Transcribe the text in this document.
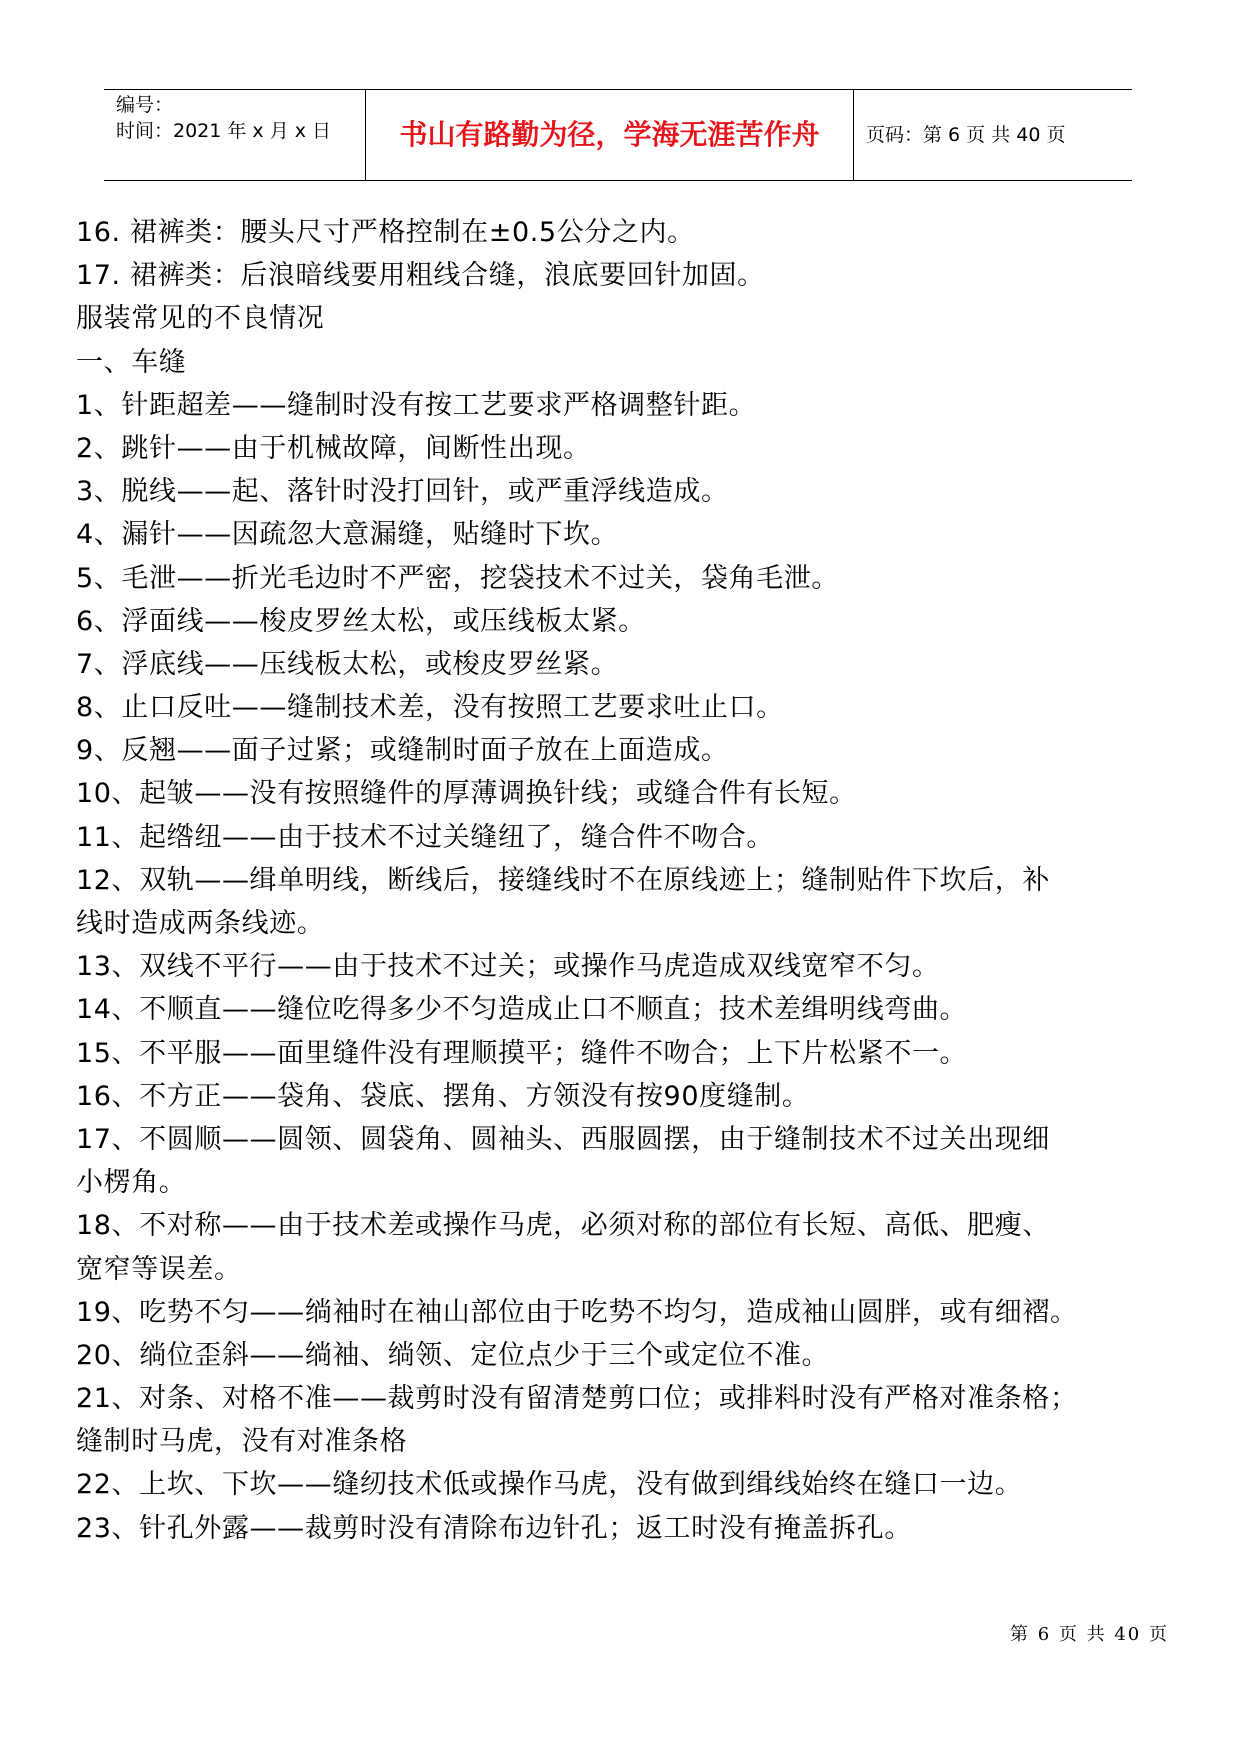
编号：
时间：2021 年 x 月 x 日	书山有路勤为径，学海无涯苦作舟	页码：第 6 页 共 40 页
16. 裙裤类：腰头尺寸严格控制在±0.5公分之内。
17. 裙裤类：后浪暗线要用粗线合缝，浪底要回针加固。
服装常见的不良情况
一、车缝
1、针距超差——缝制时没有按工艺要求严格调整针距。
2、跳针——由于机械故障，间断性出现。
3、脱线——起、落针时没打回针，或严重浮线造成。
4、漏针——因疏忽大意漏缝，贴缝时下坎。
5、毛泄——折光毛边时不严密，挖袋技术不过关，袋角毛泄。
6、浮面线——梭皮罗丝太松，或压线板太紧。
7、浮底线——压线板太松，或梭皮罗丝紧。
8、止口反吐——缝制技术差，没有按照工艺要求吐止口。
9、反翘——面子过紧；或缝制时面子放在上面造成。
10、起皱——没有按照缝件的厚薄调换针线；或缝合件有长短。
11、起绺纽——由于技术不过关缝纽了，缝合件不吻合。
12、双轨——缉单明线，断线后，接缝线时不在原线迹上；缝制贴件下坎后，补
线时造成两条线迹。
13、双线不平行——由于技术不过关；或操作马虎造成双线宽窄不匀。
14、不顺直——缝位吃得多少不匀造成止口不顺直；技术差缉明线弯曲。
15、不平服——面里缝件没有理顺摸平；缝件不吻合；上下片松紧不一。
16、不方正——袋角、袋底、摆角、方领没有按90度缝制。
17、不圆顺——圆领、圆袋角、圆袖头、西服圆摆，由于缝制技术不过关出现细
小楞角。
18、不对称——由于技术差或操作马虎，必须对称的部位有长短、高低、肥瘦、
宽窄等误差。
19、吃势不匀——绱袖时在袖山部位由于吃势不均匀，造成袖山圆胖，或有细褶。
20、绱位歪斜——绱袖、绱领、定位点少于三个或定位不准。
21、对条、对格不准——裁剪时没有留清楚剪口位；或排料时没有严格对准条格；
缝制时马虎，没有对准条格
22、上坎、下坎——缝纫技术低或操作马虎，没有做到缉线始终在缝口一边。
23、针孔外露——裁剪时没有清除布边针孔；返工时没有掩盖拆孔。
第 6 页 共 40 页
